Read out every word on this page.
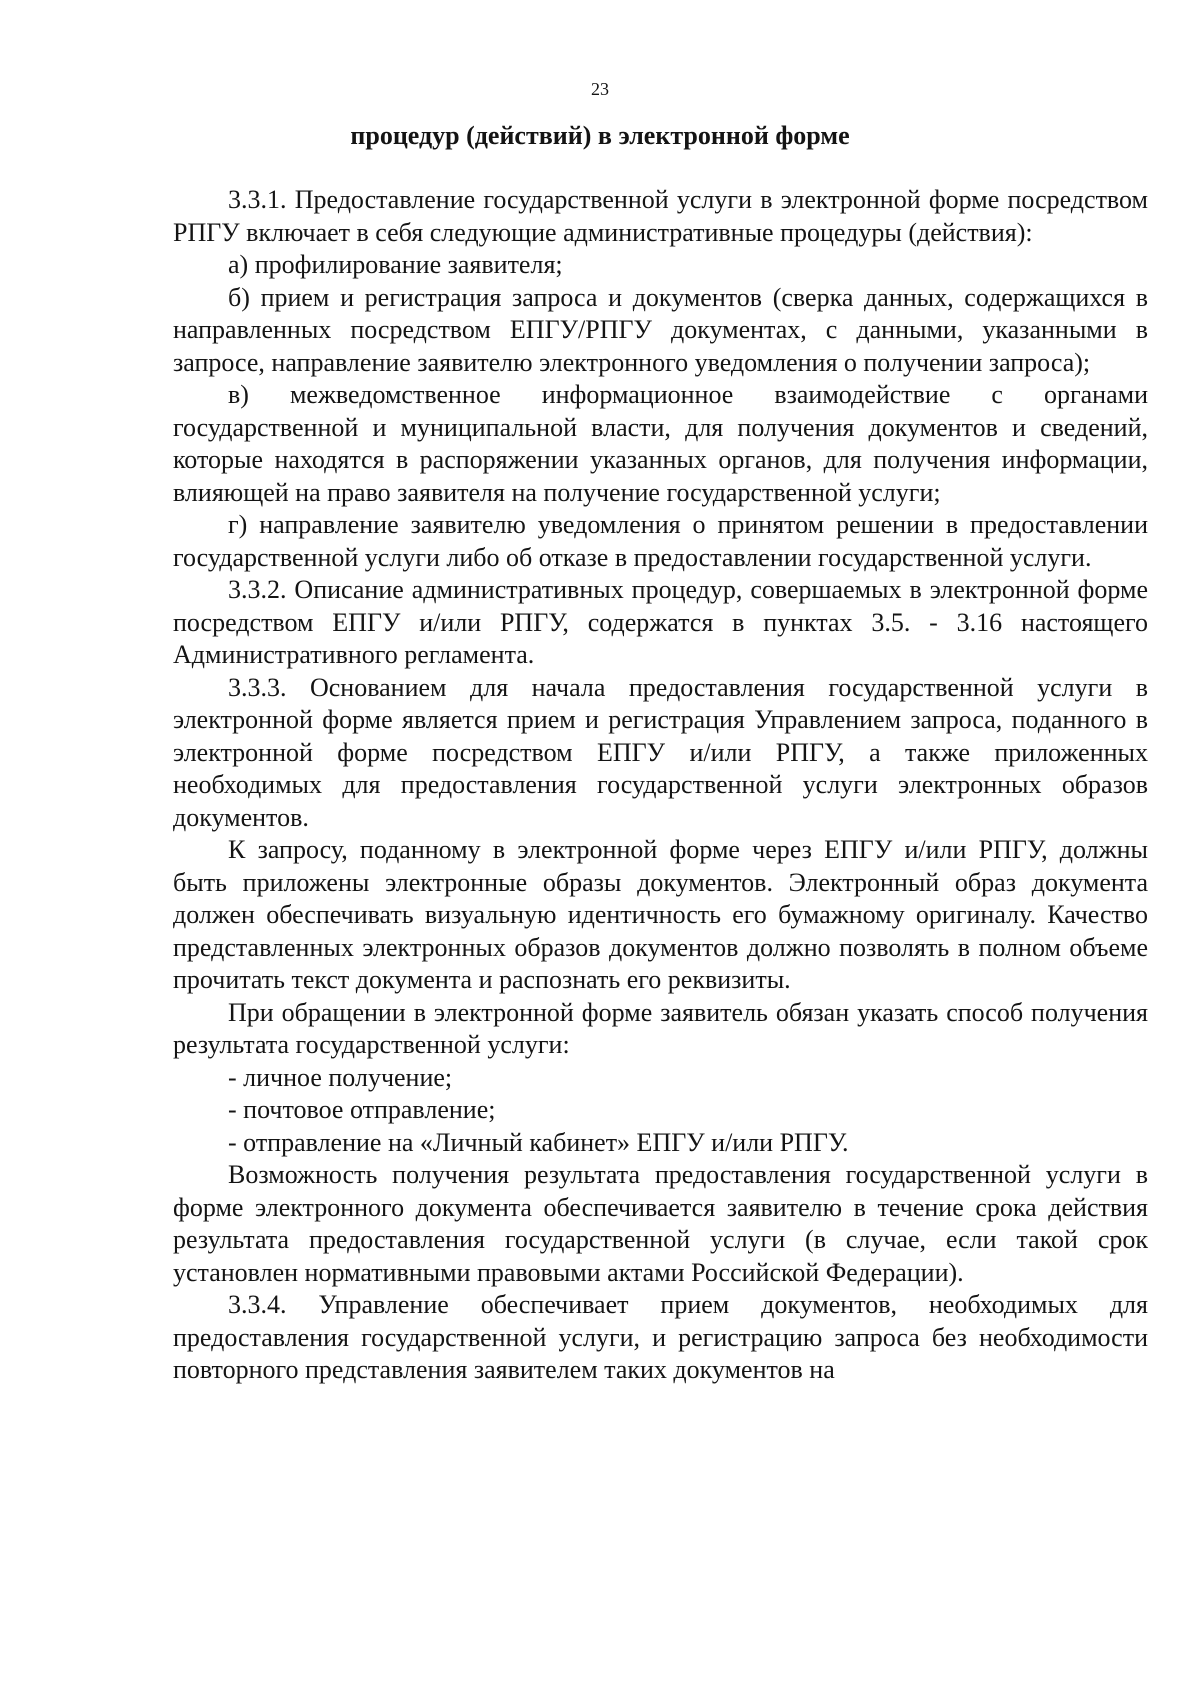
23
процедур (действий) в электронной форме

3.3.1. Предоставление государственной услуги в электронной форме посредством РПГУ включает в себя следующие административные процедуры (действия):

а) профилирование заявителя;

б) прием и регистрация запроса и документов (сверка данных, содержащихся в направленных посредством ЕПГУ/РПГУ документах, с данными, указанными в запросе, направление заявителю электронного уведомления о получении запроса);

в) межведомственное информационное взаимодействие с органами государственной и муниципальной власти, для получения документов и сведений, которые находятся в распоряжении указанных органов, для получения информации, влияющей на право заявителя на получение государственной услуги;

г) направление заявителю уведомления о принятом решении в предоставлении государственной услуги либо об отказе в предоставлении государственной услуги.

3.3.2. Описание административных процедур, совершаемых в электронной форме посредством ЕПГУ и/или РПГУ, содержатся в пунктах 3.5. - 3.16 настоящего Административного регламента.

3.3.3. Основанием для начала предоставления государственной услуги в электронной форме является прием и регистрация Управлением запроса, поданного в электронной форме посредством ЕПГУ и/или РПГУ, а также приложенных необходимых для предоставления государственной услуги электронных образов документов.

К запросу, поданному в электронной форме через ЕПГУ и/или РПГУ, должны быть приложены электронные образы документов. Электронный образ документа должен обеспечивать визуальную идентичность его бумажному оригиналу. Качество представленных электронных образов документов должно позволять в полном объеме прочитать текст документа и распознать его реквизиты.

При обращении в электронной форме заявитель обязан указать способ получения результата государственной услуги:

- личное получение;

- почтовое отправление;

- отправление на «Личный кабинет» ЕПГУ и/или РПГУ.

Возможность получения результата предоставления государственной услуги в форме электронного документа обеспечивается заявителю в течение срока действия результата предоставления государственной услуги (в случае, если такой срок установлен нормативными правовыми актами Российской Федерации).

3.3.4. Управление обеспечивает прием документов, необходимых для предоставления государственной услуги, и регистрацию запроса без необходимости повторного представления заявителем таких документов на
